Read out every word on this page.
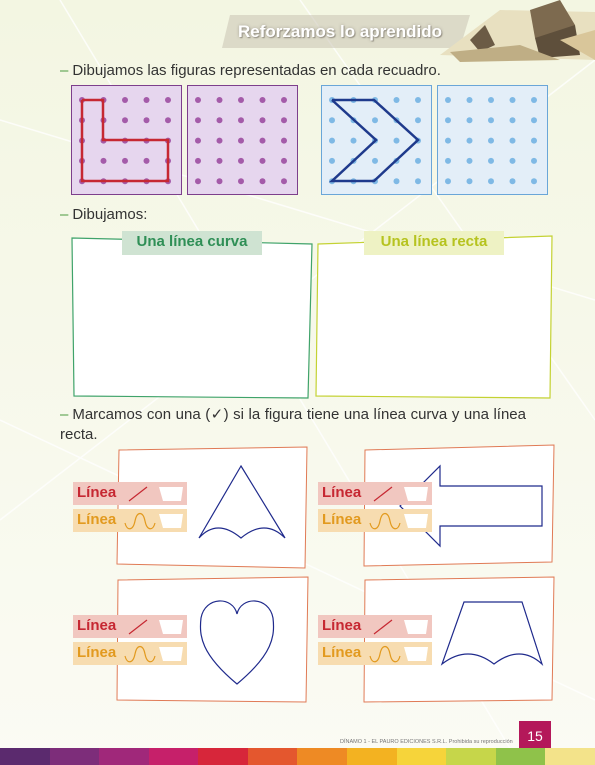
Reforzamos lo aprendido
– Dibujamos las figuras representadas en cada recuadro.
– Dibujamos:
Una línea curva	Una línea recta
– Marcamos con una (✓) si la figura tiene una línea curva y una línea recta.
Línea
Línea
Línea
Línea
Línea
Línea
Línea
Línea
DÍNAMO 1 - EL PAURO EDICIONES S.R.L. Prohibida su reproducción	15
